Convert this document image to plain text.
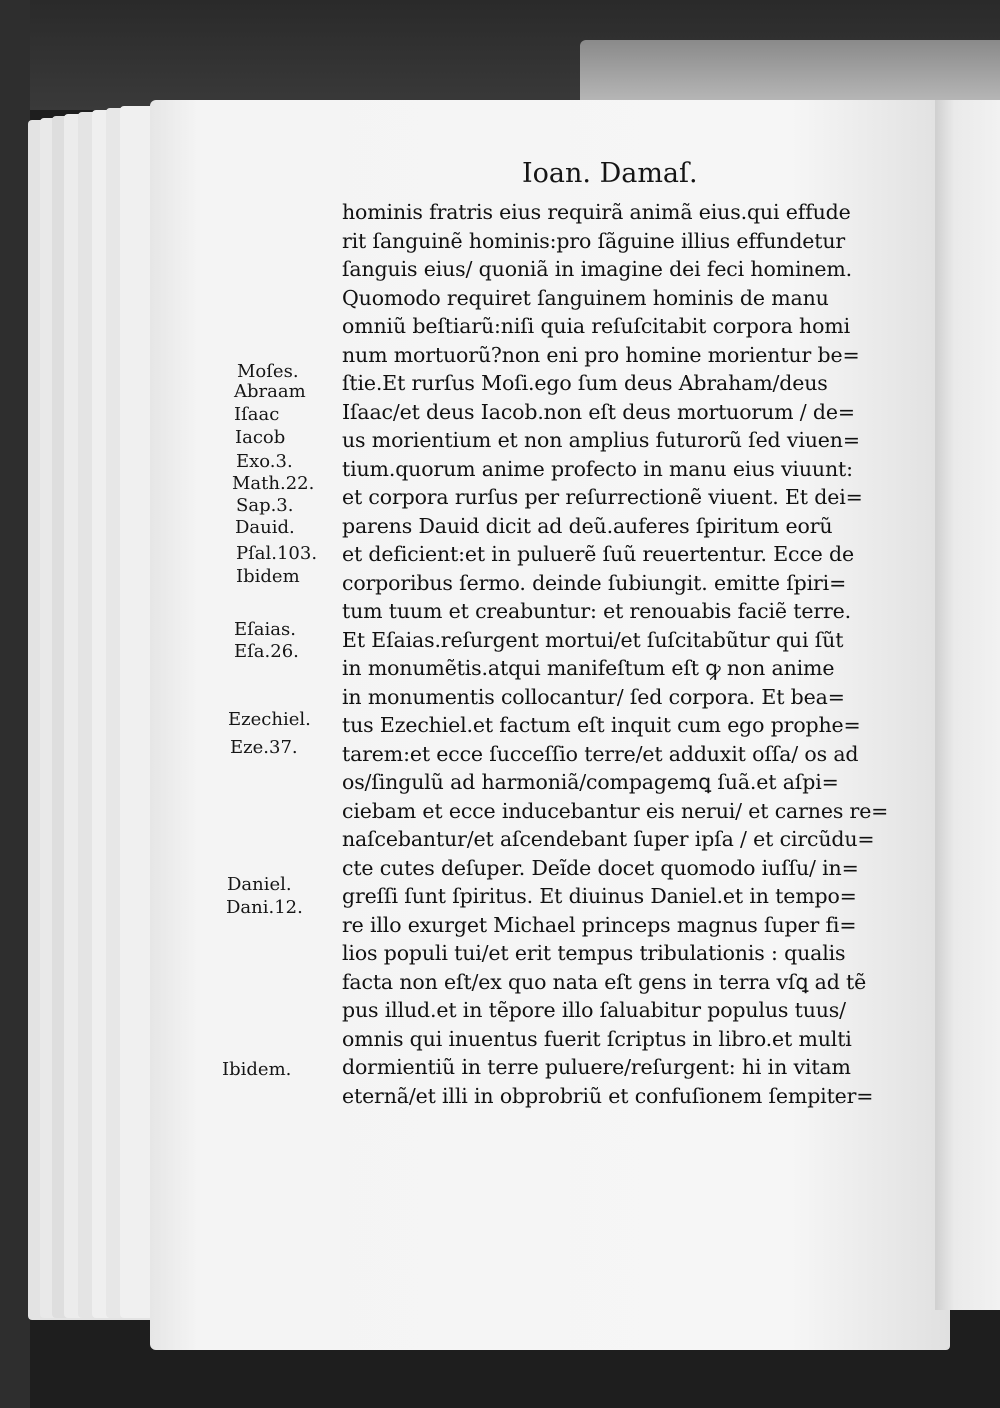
Ioan. Damaſ.
hominis fratris eius requirã animã eius.qui effude
rit ſanguinẽ hominis:pro ſãguine illius effundetur
ſanguis eius/ quoniã in imagine dei feci hominem.
Quomodo requiret ſanguinem hominis de manu
omniũ beſtiarũ:niſi quia reſuſcitabit corpora homi
num mortuorũ?non eni pro homine morientur be=
ſtie.Et rurſus Moſi.ego ſum deus Abraham/deus
Iſaac/et deus Iacob.non eſt deus mortuorum / de=
us morientium et non amplius futurorũ ſed viuen=
tium.quorum anime profecto in manu eius viuunt:
et corpora rurſus per reſurrectionẽ viuent. Et dei=
parens Dauid dicit ad deũ.auferes ſpiritum eorũ
et deficient:et in puluerẽ ſuũ reuertentur. Ecce de
corporibus ſermo. deinde ſubiungit. emitte ſpiri=
tum tuum et creabuntur: et renouabis faciẽ terre.
Et Eſaias.reſurgent mortui/et ſuſcitabũtur qui ſũt
in monumẽtis.atqui manifeſtum eſt ꝙ non anime
in monumentis collocantur/ ſed corpora. Et bea=
tus Ezechiel.et factum eſt inquit cum ego prophe=
tarem:et ecce ſucceſſio terre/et adduxit oſſa/ os ad
os/ſingulũ ad harmoniã/compagemꝗ ſuã.et aſpi=
ciebam et ecce inducebantur eis nerui/ et carnes re=
naſcebantur/et aſcendebant ſuper ipſa / et circũdu=
cte cutes deſuper. Deĩde docet quomodo iuſſu/ in=
greſſi ſunt ſpiritus. Et diuinus Daniel.et in tempo=
re illo exurget Michael princeps magnus ſuper fi=
lios populi tui/et erit tempus tribulationis : qualis
facta non eſt/ex quo nata eſt gens in terra vſꝗ ad tẽ
pus illud.et in tẽpore illo ſaluabitur populus tuus/
omnis qui inuentus fuerit ſcriptus in libro.et multi
dormientiũ in terre puluere/reſurgent: hi in vitam
eternã/et illi in obprobriũ et confuſionem ſempiter=
Moſes.
Abraam
Iſaac
Iacob
Exo.3.
Math.22.
Sap.3.
Dauid.
Pſal.103.
Ibidem
Eſaias.
Eſa.26.
Ezechiel.
Eze.37.
Daniel.
Dani.12.
Ibidem.
